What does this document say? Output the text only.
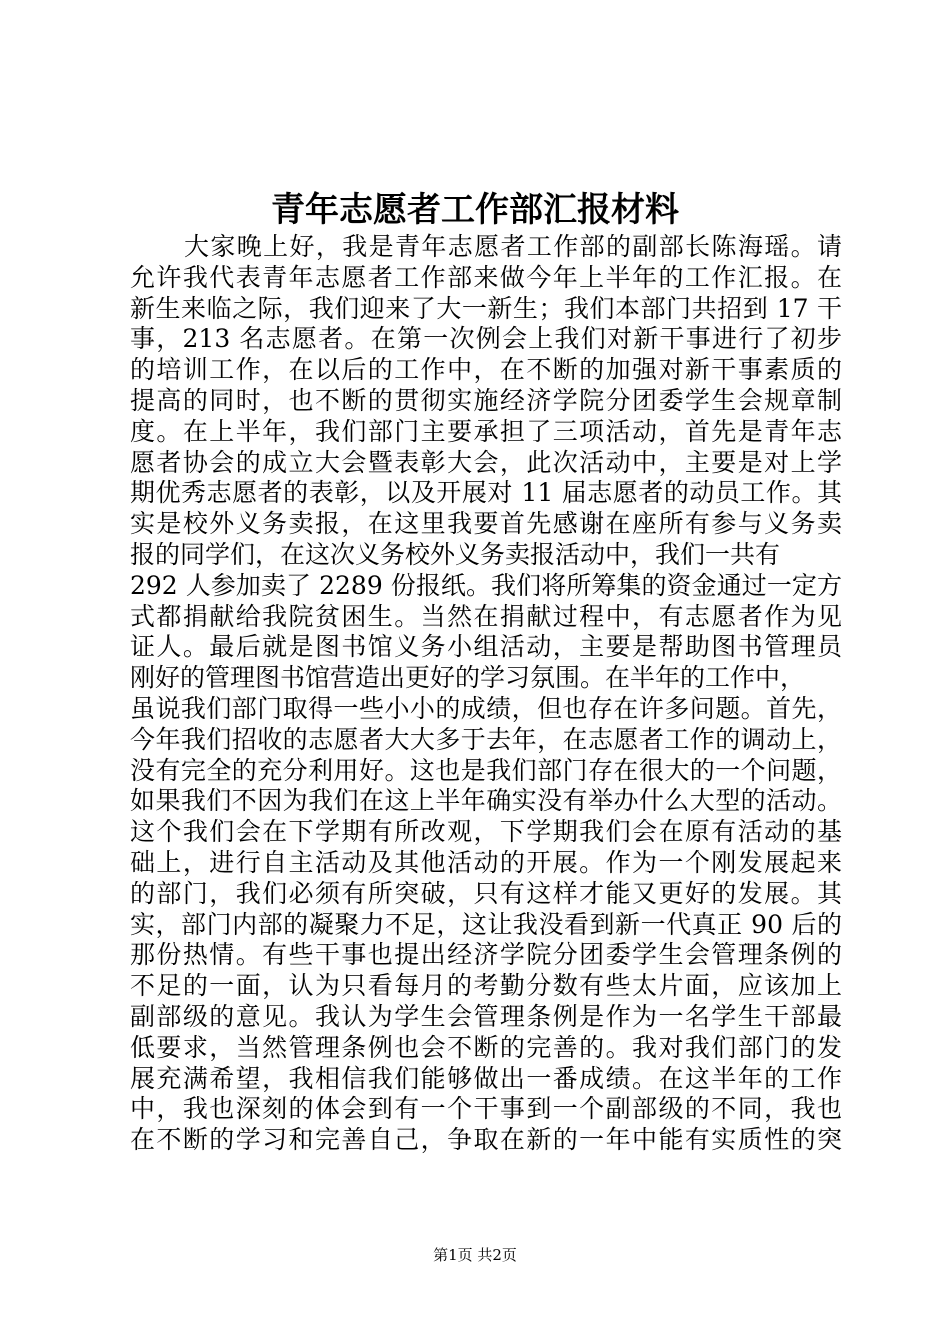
青年志愿者工作部汇报材料
大家晚上好，我是青年志愿者工作部的副部长陈海瑶。请
允许我代表青年志愿者工作部来做今年上半年的工作汇报。在
新生来临之际，我们迎来了大一新生；我们本部门共招到 17 干
事，213 名志愿者。在第一次例会上我们对新干事进行了初步
的培训工作，在以后的工作中，在不断的加强对新干事素质的
提高的同时，也不断的贯彻实施经济学院分团委学生会规章制
度。在上半年，我们部门主要承担了三项活动，首先是青年志
愿者协会的成立大会暨表彰大会，此次活动中，主要是对上学
期优秀志愿者的表彰，以及开展对 11 届志愿者的动员工作。其
实是校外义务卖报，在这里我要首先感谢在座所有参与义务卖
报的同学们，在这次义务校外义务卖报活动中，我们一共有
292 人参加卖了 2289 份报纸。我们将所筹集的资金通过一定方
式都捐献给我院贫困生。当然在捐献过程中，有志愿者作为见
证人。最后就是图书馆义务小组活动，主要是帮助图书管理员
刚好的管理图书馆营造出更好的学习氛围。在半年的工作中，
虽说我们部门取得一些小小的成绩，但也存在许多问题。首先，
今年我们招收的志愿者大大多于去年，在志愿者工作的调动上，
没有完全的充分利用好。这也是我们部门存在很大的一个问题，
如果我们不因为我们在这上半年确实没有举办什么大型的活动。
这个我们会在下学期有所改观，下学期我们会在原有活动的基
础上，进行自主活动及其他活动的开展。作为一个刚发展起来
的部门，我们必须有所突破，只有这样才能又更好的发展。其
实，部门内部的凝聚力不足，这让我没看到新一代真正 90 后的
那份热情。有些干事也提出经济学院分团委学生会管理条例的
不足的一面，认为只看每月的考勤分数有些太片面，应该加上
副部级的意见。我认为学生会管理条例是作为一名学生干部最
低要求，当然管理条例也会不断的完善的。我对我们部门的发
展充满希望，我相信我们能够做出一番成绩。在这半年的工作
中，我也深刻的体会到有一个干事到一个副部级的不同，我也
在不断的学习和完善自己，争取在新的一年中能有实质性的突
第1页 共2页
